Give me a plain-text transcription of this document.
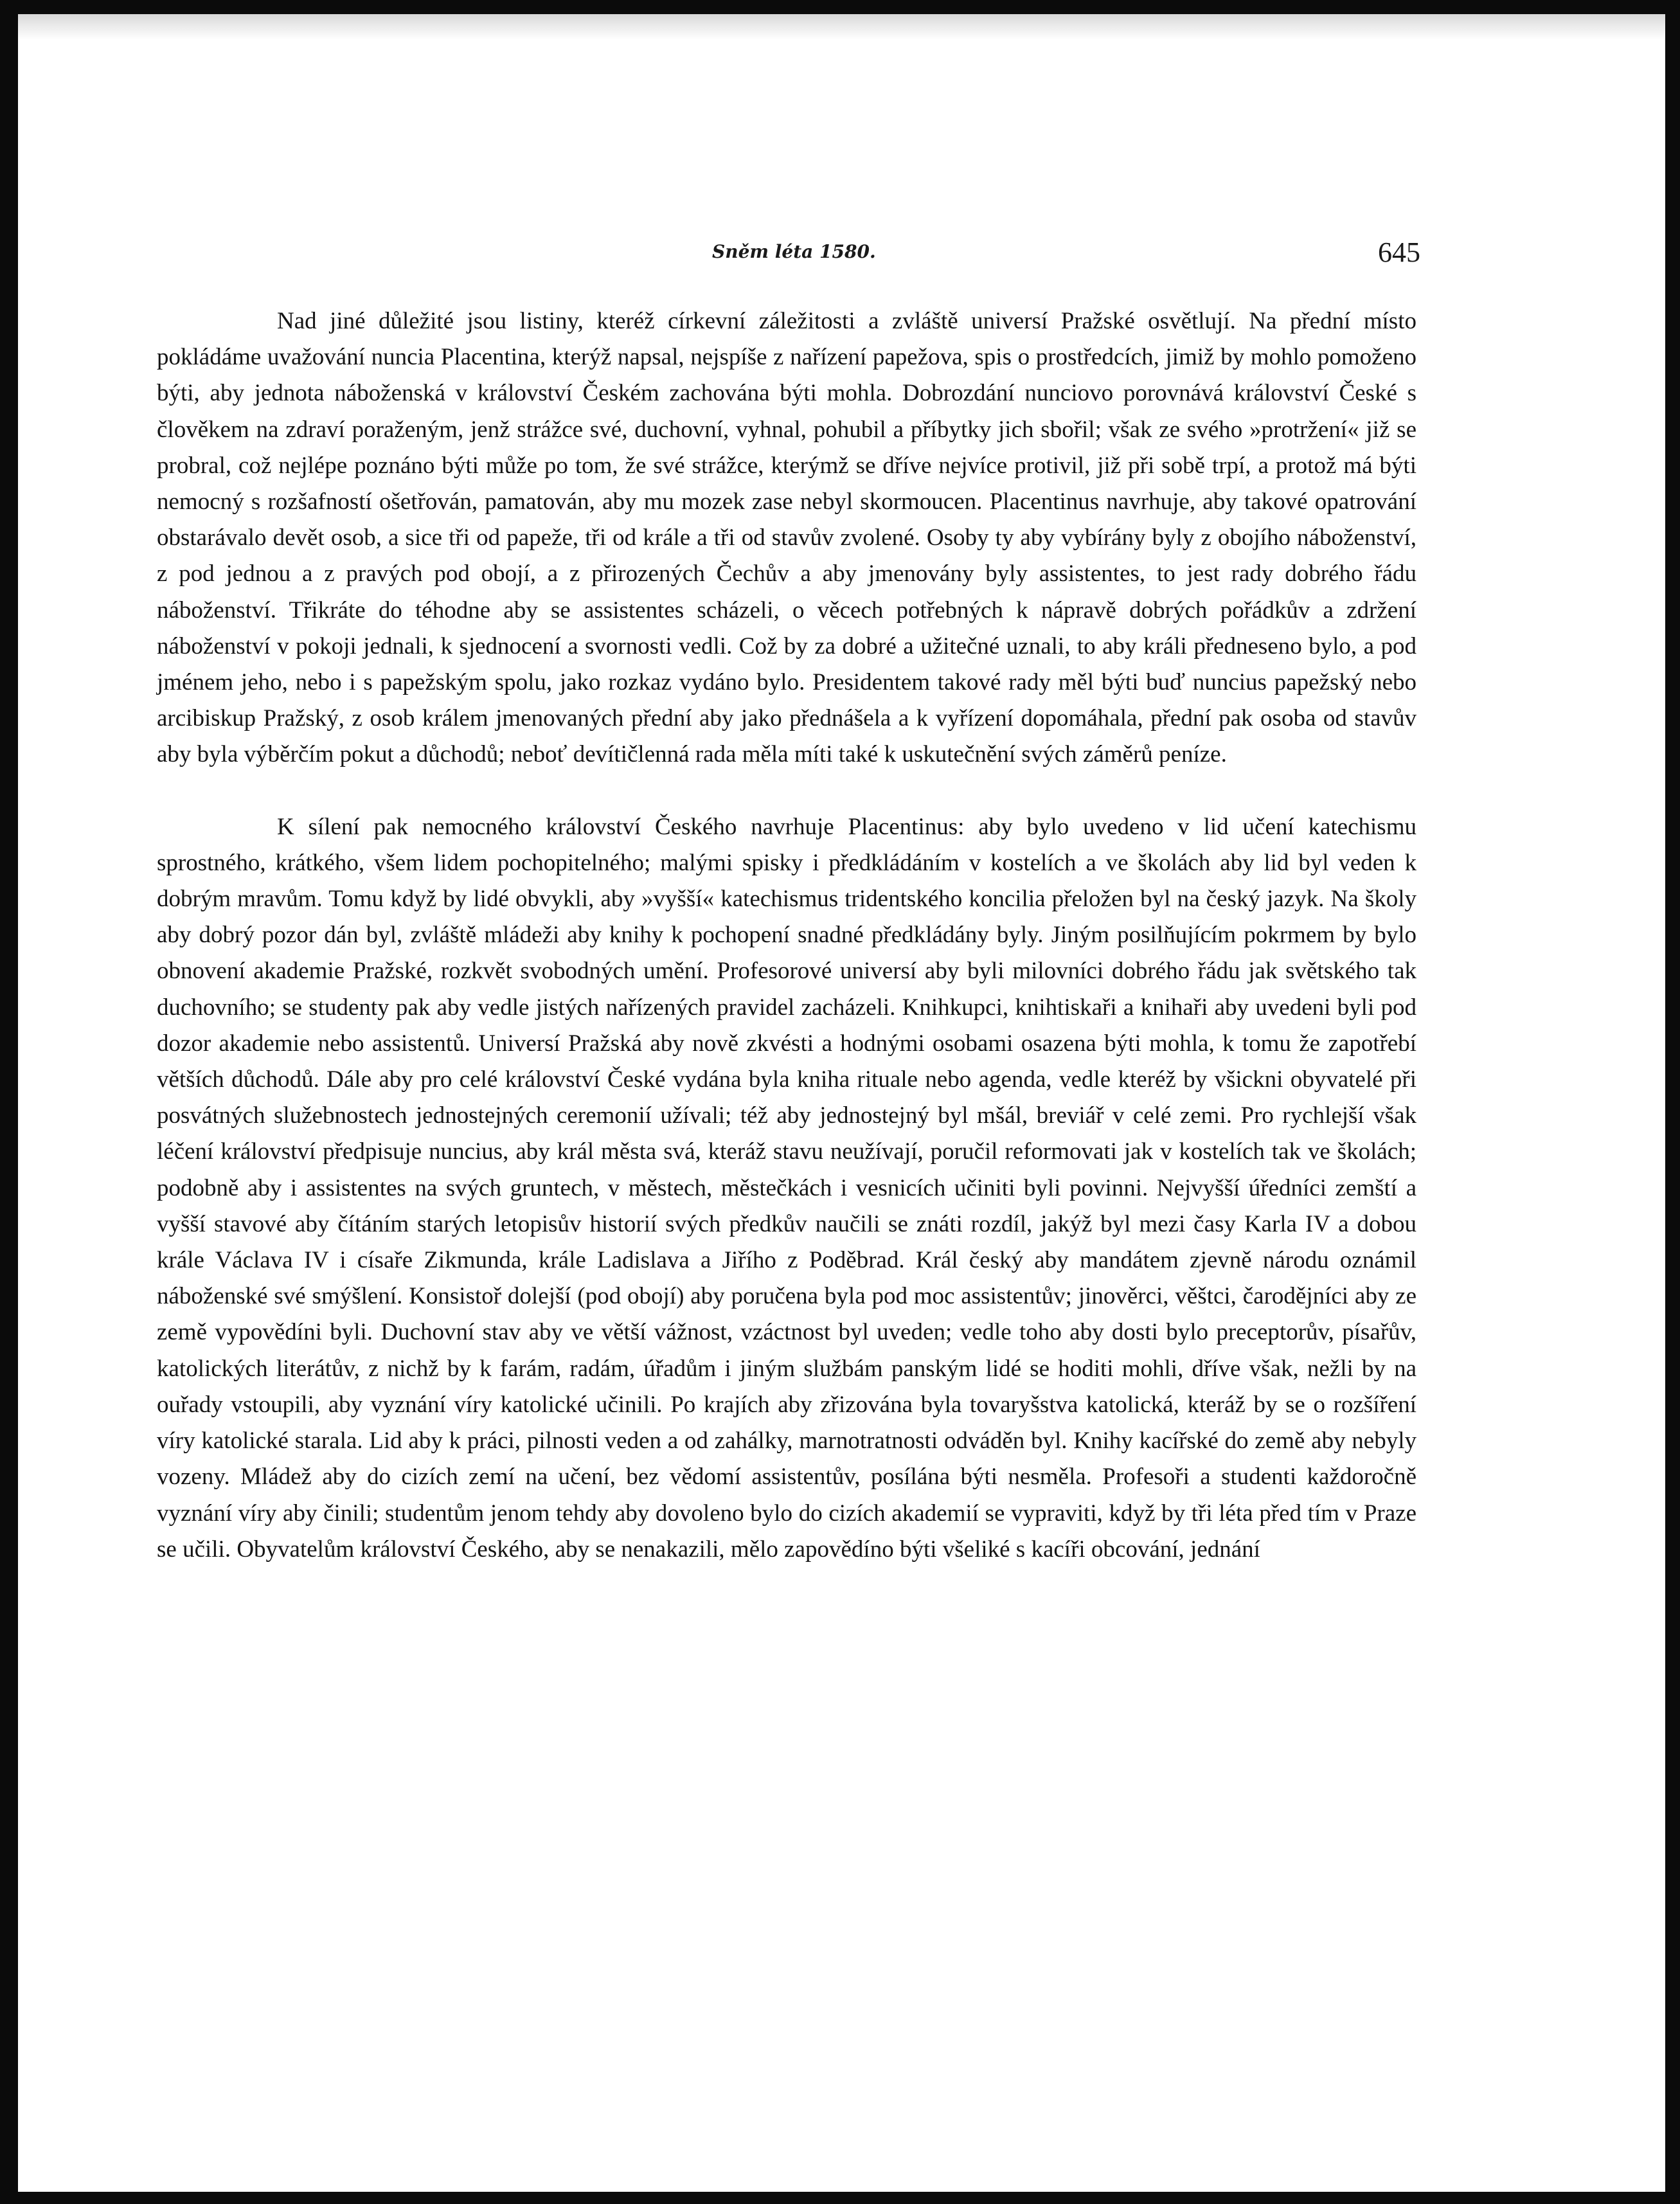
Sněm léta 1580.	645

Nad jiné důležité jsou listiny, kteréž církevní záležitosti a zvláště universí Pražské osvětlují. Na přední místo pokládáme uvažování nuncia Placentina, kterýž napsal, nejspíše z nařízení papežova, spis o prostředcích, jimiž by mohlo pomoženo býti, aby jednota náboženská v království Českém zachována býti mohla. Dobrozdání nunciovo porovnává království České s člověkem na zdraví poraženým, jenž strážce své, duchovní, vyhnal, pohubil a příbytky jich sbořil; však ze svého »protržení« již se probral, což nejlépe poznáno býti může po tom, že své strážce, kterýmž se dříve nejvíce protivil, již při sobě trpí, a protož má býti nemocný s rozšafností ošetřován, pamatován, aby mu mozek zase nebyl skormoucen. Placentinus navrhuje, aby takové opatrování obstarávalo devět osob, a sice tři od papeže, tři od krále a tři od stavův zvolené. Osoby ty aby vybírány byly z obojího náboženství, z pod jednou a z pravých pod obojí, a z přirozených Čechův a aby jmenovány byly assistentes, to jest rady dobrého řádu náboženství. Třikráte do téhodne aby se assistentes scházeli, o věcech potřebných k nápravě dobrých pořádkův a zdržení náboženství v pokoji jednali, k sjednocení a svornosti vedli. Což by za dobré a užitečné uznali, to aby králi předneseno bylo, a pod jménem jeho, nebo i s papežským spolu, jako rozkaz vydáno bylo. Presidentem takové rady měl býti buď nuncius papežský nebo arcibiskup Pražský, z osob králem jmenovaných přední aby jako přednášela a k vyřízení dopomáhala, přední pak osoba od stavův aby byla výběrčím pokut a důchodů; neboť devítičlenná rada měla míti také k uskutečnění svých záměrů peníze.

K sílení pak nemocného království Českého navrhuje Placentinus: aby bylo uvedeno v lid učení katechismu sprostného, krátkého, všem lidem pochopitelného; malými spisky i předkládáním v kostelích a ve školách aby lid byl veden k dobrým mravům. Tomu když by lidé obvykli, aby »vyšší« katechismus tridentského koncilia přeložen byl na český jazyk. Na školy aby dobrý pozor dán byl, zvláště mládeži aby knihy k pochopení snadné předkládány byly. Jiným posilňujícím pokrmem by bylo obnovení akademie Pražské, rozkvět svobodných umění. Profesorové universí aby byli milovníci dobrého řádu jak světského tak duchovního; se studenty pak aby vedle jistých nařízených pravidel zacházeli. Knihkupci, knihtiskaři a knihaři aby uvedeni byli pod dozor akademie nebo assistentů. Universí Pražská aby nově zkvésti a hodnými osobami osazena býti mohla, k tomu že zapotřebí větších důchodů. Dále aby pro celé království České vydána byla kniha rituale nebo agenda, vedle kteréž by všickni obyvatelé při posvátných služebnostech jednostejných ceremonií užívali; též aby jednostejný byl mšál, breviář v celé zemi. Pro rychlejší však léčení království předpisuje nuncius, aby král města svá, kteráž stavu neužívají, poručil reformovati jak v kostelích tak ve školách; podobně aby i assistentes na svých gruntech, v městech, městečkách i vesnicích učiniti byli povinni. Nejvyšší úředníci zemští a vyšší stavové aby čítáním starých letopisův historií svých předkův naučili se znáti rozdíl, jakýž byl mezi časy Karla IV a dobou krále Václava IV i císaře Zikmunda, krále Ladislava a Jiřího z Poděbrad. Král český aby mandátem zjevně národu oznámil náboženské své smýšlení. Konsistoř dolejší (pod obojí) aby poručena byla pod moc assistentův; jinověrci, věštci, čarodějníci aby ze země vypovědíni byli. Duchovní stav aby ve větší vážnost, vzáctnost byl uveden; vedle toho aby dosti bylo preceptorův, písařův, katolických literátův, z nichž by k farám, radám, úřadům i jiným službám panským lidé se hoditi mohli, dříve však, nežli by na ouřady vstoupili, aby vyznání víry katolické učinili. Po krajích aby zřizována byla tovaryšstva katolická, kteráž by se o rozšíření víry katolické starala. Lid aby k práci, pilnosti veden a od zahálky, marnotratnosti odváděn byl. Knihy kacířské do země aby nebyly vozeny. Mládež aby do cizích zemí na učení, bez vědomí assistentův, posílána býti nesměla. Profesoři a studenti každoročně vyznání víry aby činili; studentům jenom tehdy aby dovoleno bylo do cizích akademií se vypraviti, když by tři léta před tím v Praze se učili. Obyvatelům království Českého, aby se nenakazili, mělo zapovědíno býti všeliké s kacíři obcování, jednání
